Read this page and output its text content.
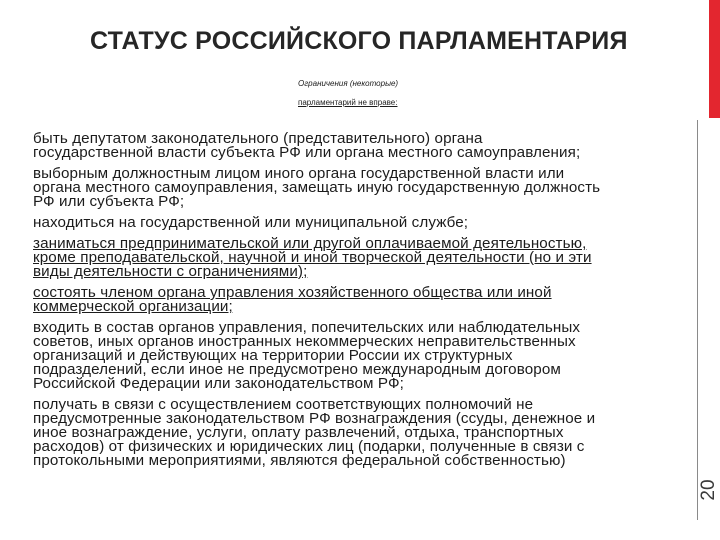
20
СТАТУС РОССИЙСКОГО ПАРЛАМЕНТАРИЯ
Ограничения (некоторые)
парламентарий не вправе:
быть депутатом законодательного (представительного) органа
государственной власти субъекта РФ или органа местного самоуправления;
выборным должностным лицом иного органа государственной власти или
органа местного самоуправления, замещать иную государственную должность
РФ или субъекта РФ;
находиться на государственной или муниципальной службе;
заниматься предпринимательской или другой оплачиваемой деятельностью,
кроме преподавательской, научной и иной творческой деятельности (но и эти
виды деятельности с ограничениями);
состоять членом органа управления хозяйственного общества или иной
коммерческой организации;
входить в состав органов управления, попечительских или наблюдательных
советов, иных органов иностранных некоммерческих неправительственных
организаций и действующих на территории России их структурных
подразделений, если иное не предусмотрено международным договором
Российской Федерации или законодательством РФ;
получать в связи с осуществлением соответствующих полномочий не
предусмотренные законодательством РФ вознаграждения (ссуды, денежное и
иное вознаграждение, услуги, оплату развлечений, отдыха, транспортных
расходов) от физических и юридических лиц (подарки, полученные в связи с
протокольными мероприятиями, являются федеральной собственностью)
